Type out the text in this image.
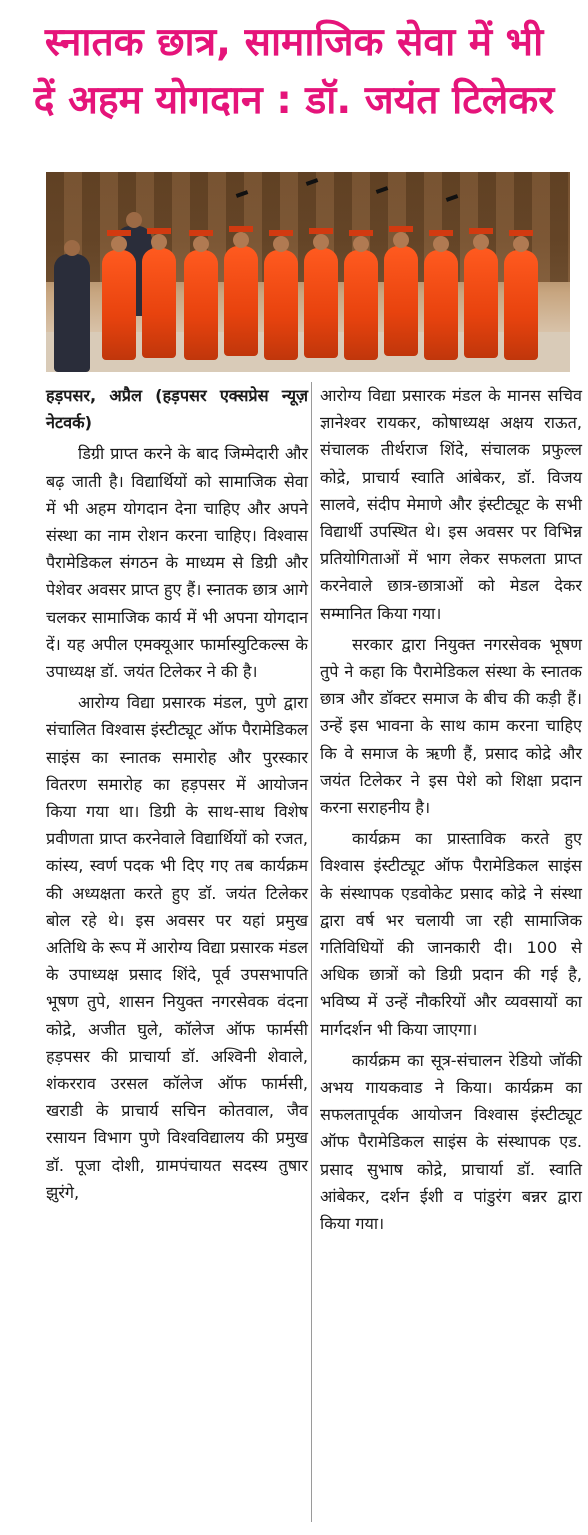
स्नातक छात्र, सामाजिक सेवा में भी
दें अहम योगदान : डॉ. जयंत टिलेकर

हड़पसर, अप्रैल (हड़पसर एक्सप्रेस न्यूज़ नेटवर्क)

डिग्री प्राप्त करने के बाद जिम्मेदारी और बढ़ जाती है। विद्यार्थियों को सामाजिक सेवा में भी अहम योगदान देना चाहिए और अपने संस्था का नाम रोशन करना चाहिए। विश्वास पैरामेडिकल संगठन के माध्यम से डिग्री और पेशेवर अवसर प्राप्त हुए हैं। स्नातक छात्र आगे चलकर सामाजिक कार्य में भी अपना योगदान दें। यह अपील एमक्यूआर फार्मास्युटिकल्स के उपाध्यक्ष डॉ. जयंत टिलेकर ने की है।

आरोग्य विद्या प्रसारक मंडल, पुणे द्वारा संचालित विश्वास इंस्टीट्यूट ऑफ पैरामेडिकल साइंस का स्नातक समारोह और पुरस्कार वितरण समारोह का हड़पसर में आयोजन किया गया था। डिग्री के साथ-साथ विशेष प्रवीणता प्राप्त करनेवाले विद्यार्थियों को रजत, कांस्य, स्वर्ण पदक भी दिए गए तब कार्यक्रम की अध्यक्षता करते हुए डॉ. जयंत टिलेकर बोल रहे थे। इस अवसर पर यहां प्रमुख अतिथि के रूप में आरोग्य विद्या प्रसारक मंडल के उपाध्यक्ष प्रसाद शिंदे, पूर्व उपसभापति भूषण तुपे, शासन नियुक्त नगरसेवक वंदना कोद्रे, अजीत घुले, कॉलेज ऑफ फार्मसी हड़पसर की प्राचार्या डॉ. अश्विनी शेवाले, शंकरराव उरसल कॉलेज ऑफ फार्मसी, खराडी के प्राचार्य सचिन कोतवाल, जैव रसायन विभाग पुणे विश्वविद्यालय की प्रमुख डॉ. पूजा दोशी, ग्रामपंचायत सदस्य तुषार झुरंगे,

आरोग्य विद्या प्रसारक मंडल के मानस सचिव ज्ञानेश्वर रायकर, कोषाध्यक्ष अक्षय राऊत, संचालक तीर्थराज शिंदे, संचालक प्रफुल्ल कोद्रे, प्राचार्य स्वाति आंबेकर, डॉ. विजय सालवे, संदीप मेमाणे और इंस्टीट्यूट के सभी विद्यार्थी उपस्थित थे। इस अवसर पर विभिन्न प्रतियोगिताओं में भाग लेकर सफलता प्राप्त करनेवाले छात्र-छात्राओं को मेडल देकर सम्मानित किया गया।

सरकार द्वारा नियुक्त नगरसेवक भूषण तुपे ने कहा कि पैरामेडिकल संस्था के स्नातक छात्र और डॉक्टर समाज के बीच की कड़ी हैं। उन्हें इस भावना के साथ काम करना चाहिए कि वे समाज के ऋणी हैं, प्रसाद कोद्रे और जयंत टिलेकर ने इस पेशे को शिक्षा प्रदान करना सराहनीय है।

कार्यक्रम का प्रास्ताविक करते हुए विश्वास इंस्टीट्यूट ऑफ पैरामेडिकल साइंस के संस्थापक एडवोकेट प्रसाद कोद्रे ने संस्था द्वारा वर्ष भर चलायी जा रही सामाजिक गतिविधियों की जानकारी दी। 100 से अधिक छात्रों को डिग्री प्रदान की गई है, भविष्य में उन्हें नौकरियों और व्यवसायों का मार्गदर्शन भी किया जाएगा।

कार्यक्रम का सूत्र-संचालन रेडियो जॉकी अभय गायकवाड ने किया। कार्यक्रम का सफलतापूर्वक आयोजन विश्वास इंस्टीट्यूट ऑफ पैरामेडिकल साइंस के संस्थापक एड. प्रसाद सुभाष कोद्रे, प्राचार्या डॉ. स्वाति आंबेकर, दर्शन ईशी व पांडुरंग बन्नर द्वारा किया गया।
